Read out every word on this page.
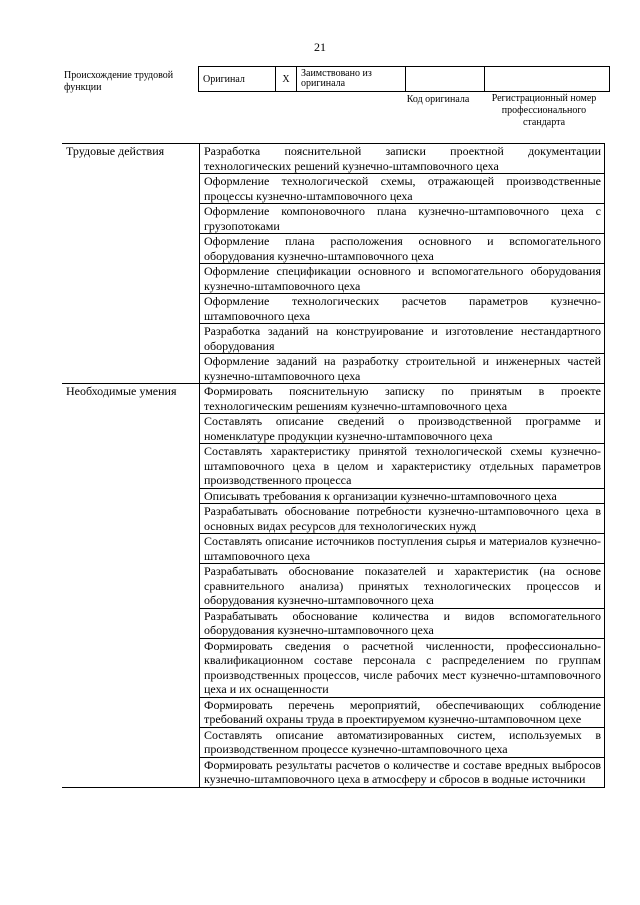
21
Происхождение трудовой функции
Оригинал	X	Заимствовано из оригинала		
Код оригинала	Регистрационный номер профессионального стандарта
Трудовые действия	Разработка пояснительной записки проектной документации технологических решений кузнечно-штамповочного цеха
	Оформление технологической схемы, отражающей производственные процессы кузнечно-штамповочного цеха
	Оформление компоновочного плана кузнечно-штамповочного цеха с грузопотоками
	Оформление плана расположения основного и вспомогательного оборудования кузнечно-штамповочного цеха
	Оформление спецификации основного и вспомогательного оборудования кузнечно-штамповочного цеха
	Оформление технологических расчетов параметров кузнечно-штамповочного цеха
	Разработка заданий на конструирование и изготовление нестандартного оборудования
	Оформление заданий на разработку строительной и инженерных частей кузнечно-штамповочного цеха
Необходимые умения	Формировать пояснительную записку по принятым в проекте технологическим решениям кузнечно-штамповочного цеха
	Составлять описание сведений о производственной программе и номенклатуре продукции кузнечно-штамповочного цеха
	Составлять характеристику принятой технологической схемы кузнечно-штамповочного цеха в целом и характеристику отдельных параметров производственного процесса
	Описывать требования к организации кузнечно-штамповочного цеха
	Разрабатывать обоснование потребности кузнечно-штамповочного цеха в основных видах ресурсов для технологических нужд
	Составлять описание источников поступления сырья и материалов кузнечно-штамповочного цеха
	Разрабатывать обоснование показателей и характеристик (на основе сравнительного анализа) принятых технологических процессов и оборудования кузнечно-штамповочного цеха
	Разрабатывать обоснование количества и видов вспомогательного оборудования кузнечно-штамповочного цеха
	Формировать сведения о расчетной численности, профессионально-квалификационном составе персонала с распределением по группам производственных процессов, числе рабочих мест кузнечно-штамповочного цеха и их оснащенности
	Формировать перечень мероприятий, обеспечивающих соблюдение требований охраны труда в проектируемом кузнечно-штамповочном цехе
	Составлять описание автоматизированных систем, используемых в производственном процессе кузнечно-штамповочного цеха
	Формировать результаты расчетов о количестве и составе вредных выбросов кузнечно-штамповочного цеха в атмосферу и сбросов в водные источники
